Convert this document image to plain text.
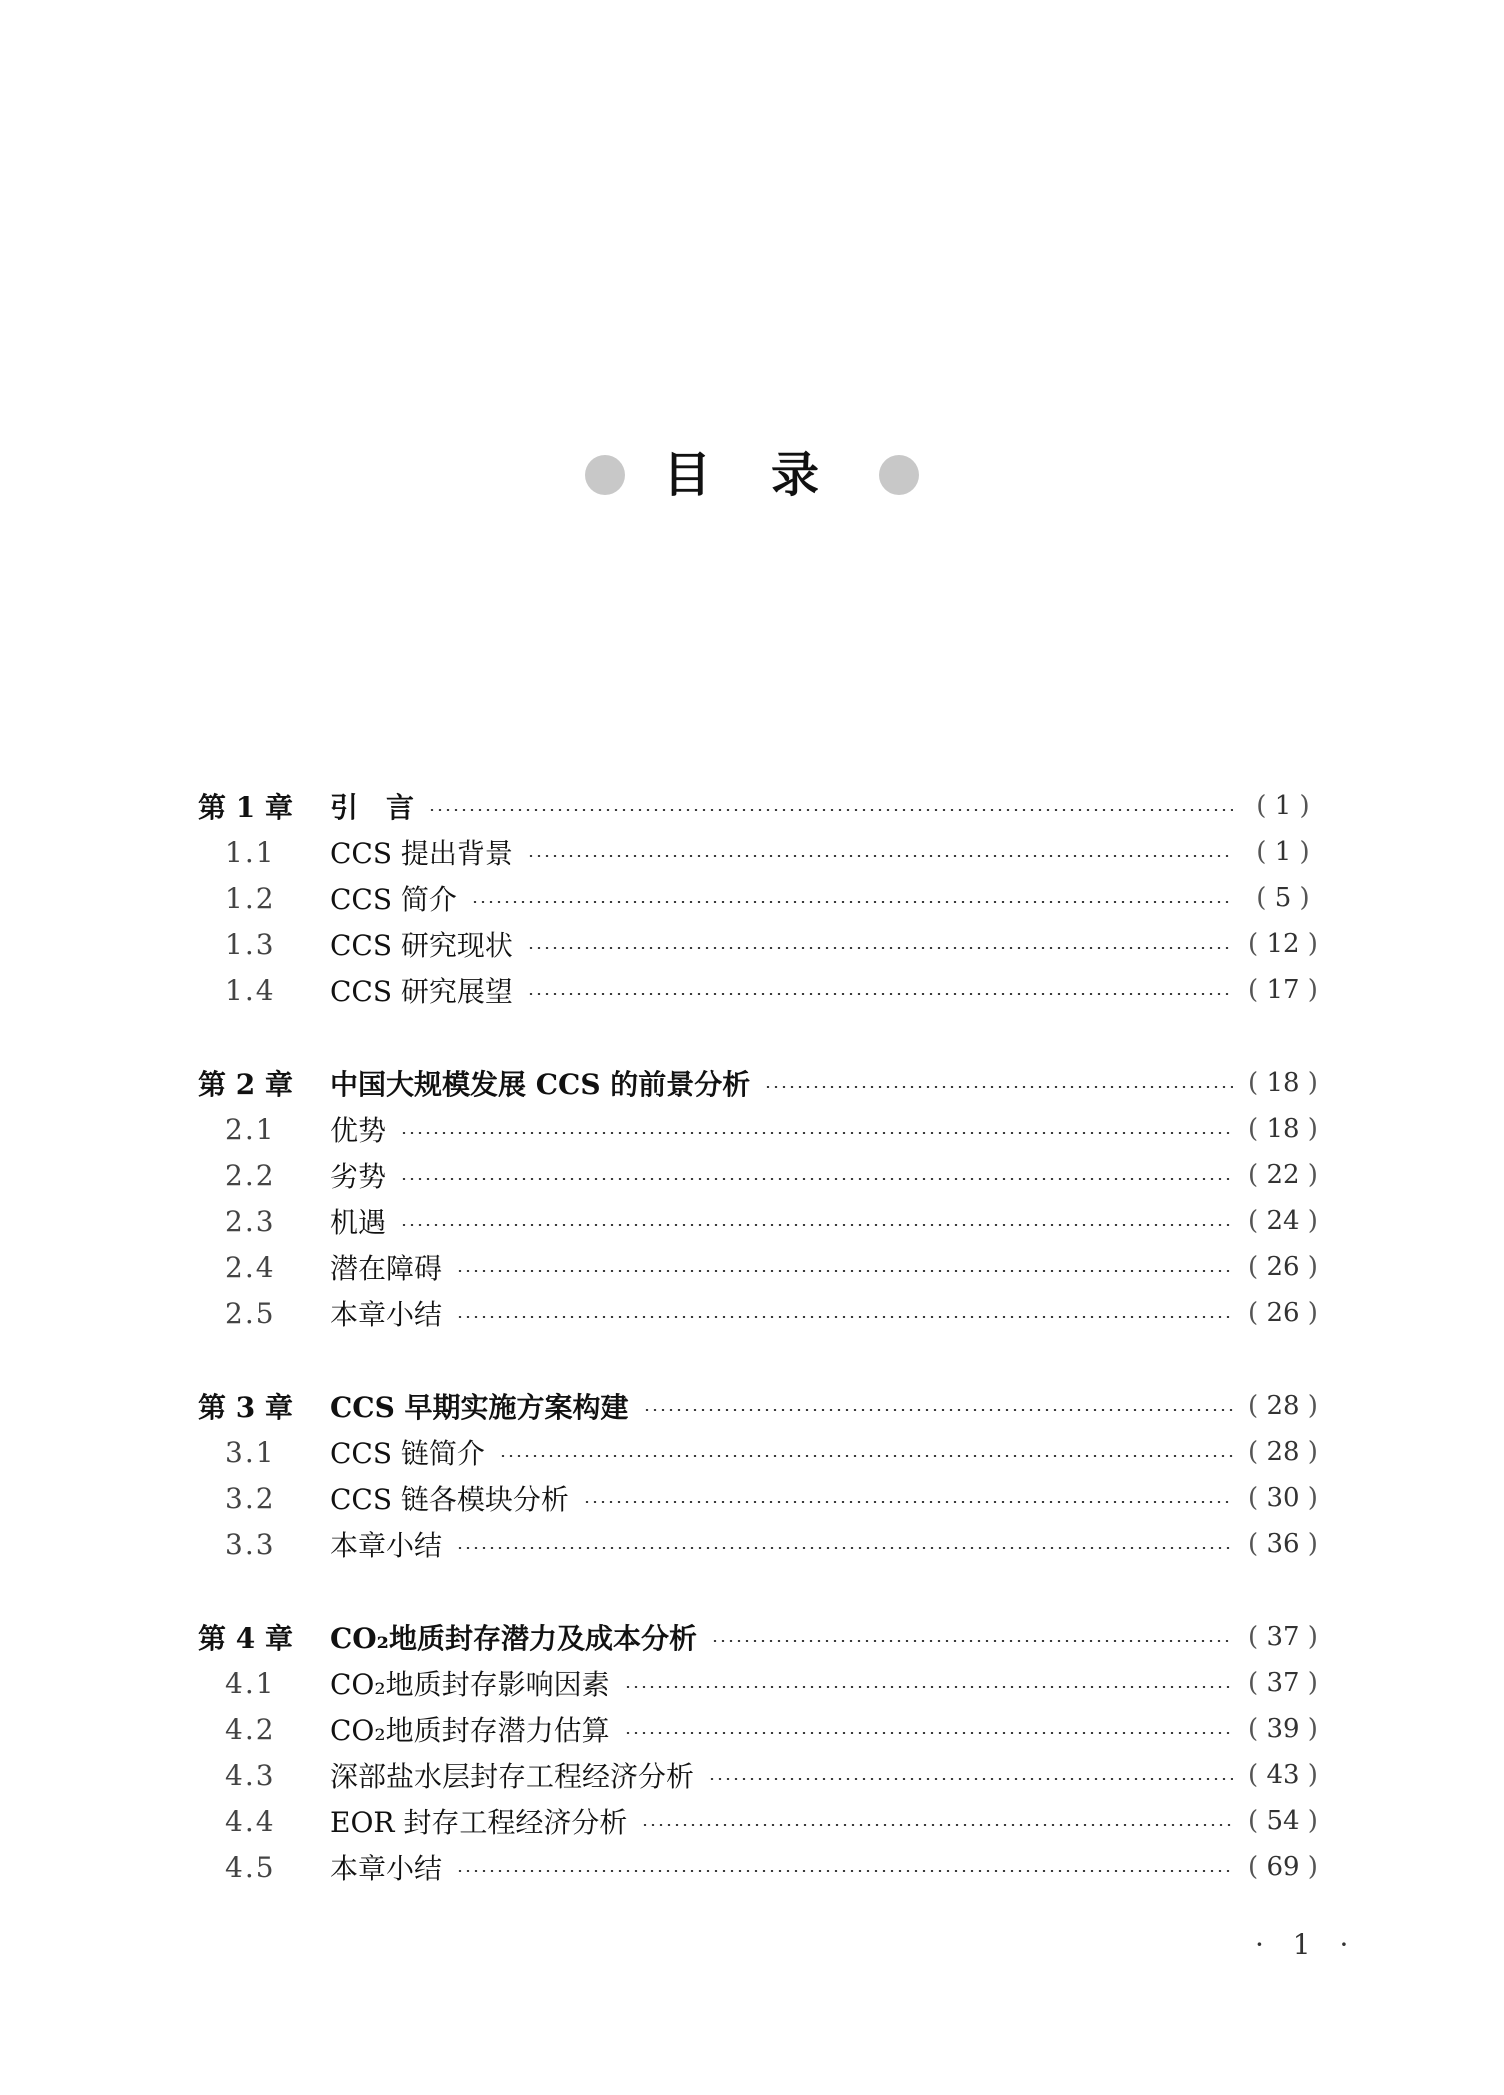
目录
第 1 章	引　言	( 1 )
1.1	CCS 提出背景	( 1 )
1.2	CCS 简介	( 5 )
1.3	CCS 研究现状	( 12 )
1.4	CCS 研究展望	( 17 )
第 2 章	中国大规模发展 CCS 的前景分析	( 18 )
2.1	优势	( 18 )
2.2	劣势	( 22 )
2.3	机遇	( 24 )
2.4	潜在障碍	( 26 )
2.5	本章小结	( 26 )
第 3 章	CCS 早期实施方案构建	( 28 )
3.1	CCS 链简介	( 28 )
3.2	CCS 链各模块分析	( 30 )
3.3	本章小结	( 36 )
第 4 章	CO₂地质封存潜力及成本分析	( 37 )
4.1	CO₂地质封存影响因素	( 37 )
4.2	CO₂地质封存潜力估算	( 39 )
4.3	深部盐水层封存工程经济分析	( 43 )
4.4	EOR 封存工程经济分析	( 54 )
4.5	本章小结	( 69 )
· 1 ·
